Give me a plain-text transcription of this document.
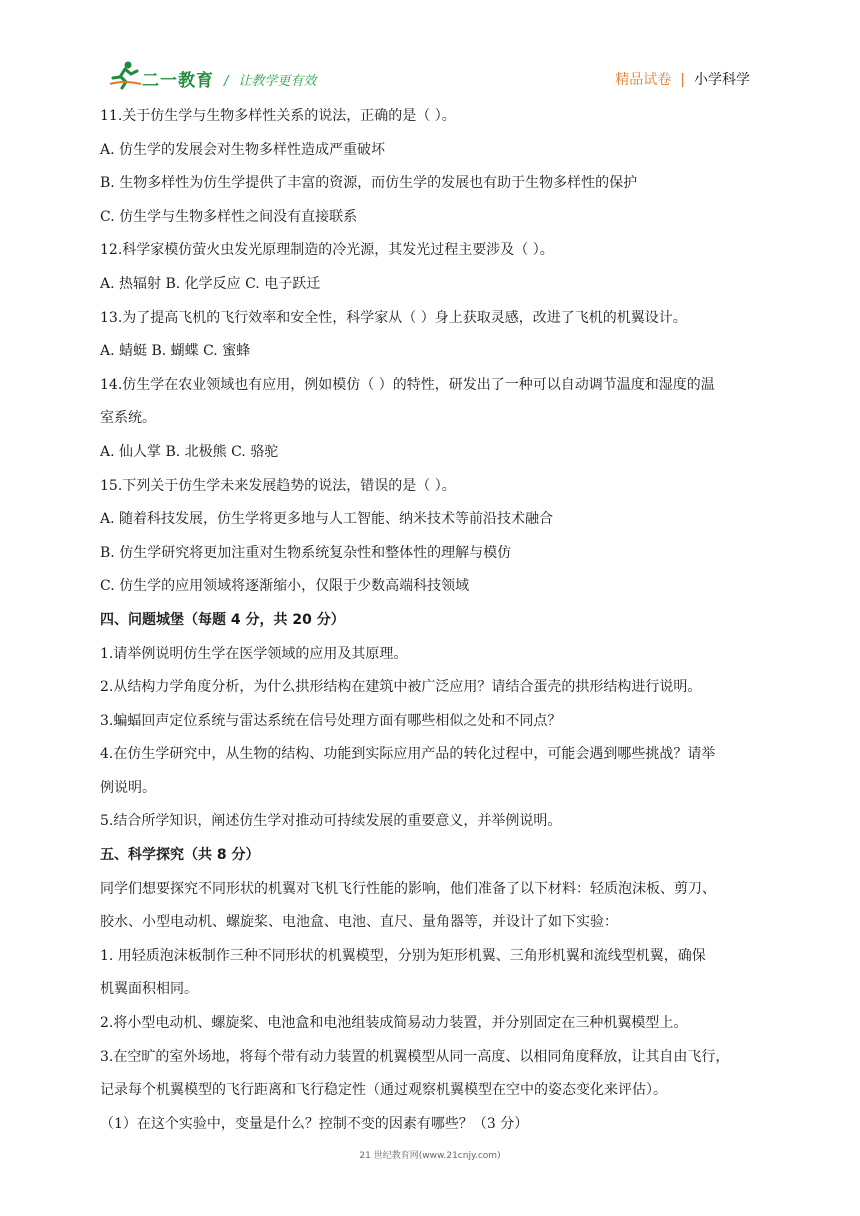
二一教育 / 让教学更有效	精品试卷 | 小学科学
11.关于仿生学与生物多样性关系的说法，正确的是（ ）。
A. 仿生学的发展会对生物多样性造成严重破坏
B. 生物多样性为仿生学提供了丰富的资源，而仿生学的发展也有助于生物多样性的保护
C. 仿生学与生物多样性之间没有直接联系
12.科学家模仿萤火虫发光原理制造的冷光源，其发光过程主要涉及（ ）。
A. 热辐射 B. 化学反应 C. 电子跃迁
13.为了提高飞机的飞行效率和安全性，科学家从（ ）身上获取灵感，改进了飞机的机翼设计。
A. 蜻蜓 B. 蝴蝶 C. 蜜蜂
14.仿生学在农业领域也有应用，例如模仿（ ）的特性，研发出了一种可以自动调节温度和湿度的温
室系统。
A. 仙人掌 B. 北极熊 C. 骆驼
15.下列关于仿生学未来发展趋势的说法，错误的是（ ）。
A. 随着科技发展，仿生学将更多地与人工智能、纳米技术等前沿技术融合
B. 仿生学研究将更加注重对生物系统复杂性和整体性的理解与模仿
C. 仿生学的应用领域将逐渐缩小，仅限于少数高端科技领域
四、问题城堡（每题 4 分，共 20 分）
1.请举例说明仿生学在医学领域的应用及其原理。
2.从结构力学角度分析，为什么拱形结构在建筑中被广泛应用？请结合蛋壳的拱形结构进行说明。
3.蝙蝠回声定位系统与雷达系统在信号处理方面有哪些相似之处和不同点？
4.在仿生学研究中，从生物的结构、功能到实际应用产品的转化过程中，可能会遇到哪些挑战？请举
例说明。
5.结合所学知识，阐述仿生学对推动可持续发展的重要意义，并举例说明。
五、科学探究（共 8 分）
同学们想要探究不同形状的机翼对飞机飞行性能的影响，他们准备了以下材料：轻质泡沫板、剪刀、
胶水、小型电动机、螺旋桨、电池盒、电池、直尺、量角器等，并设计了如下实验：
1. 用轻质泡沫板制作三种不同形状的机翼模型，分别为矩形机翼、三角形机翼和流线型机翼，确保
机翼面积相同。
2.将小型电动机、螺旋桨、电池盒和电池组装成简易动力装置，并分别固定在三种机翼模型上。
3.在空旷的室外场地，将每个带有动力装置的机翼模型从同一高度、以相同角度释放，让其自由飞行，
记录每个机翼模型的飞行距离和飞行稳定性（通过观察机翼模型在空中的姿态变化来评估）。
（1）在这个实验中，变量是什么？控制不变的因素有哪些？（3 分）
21 世纪教育网(www.21cnjy.com)
